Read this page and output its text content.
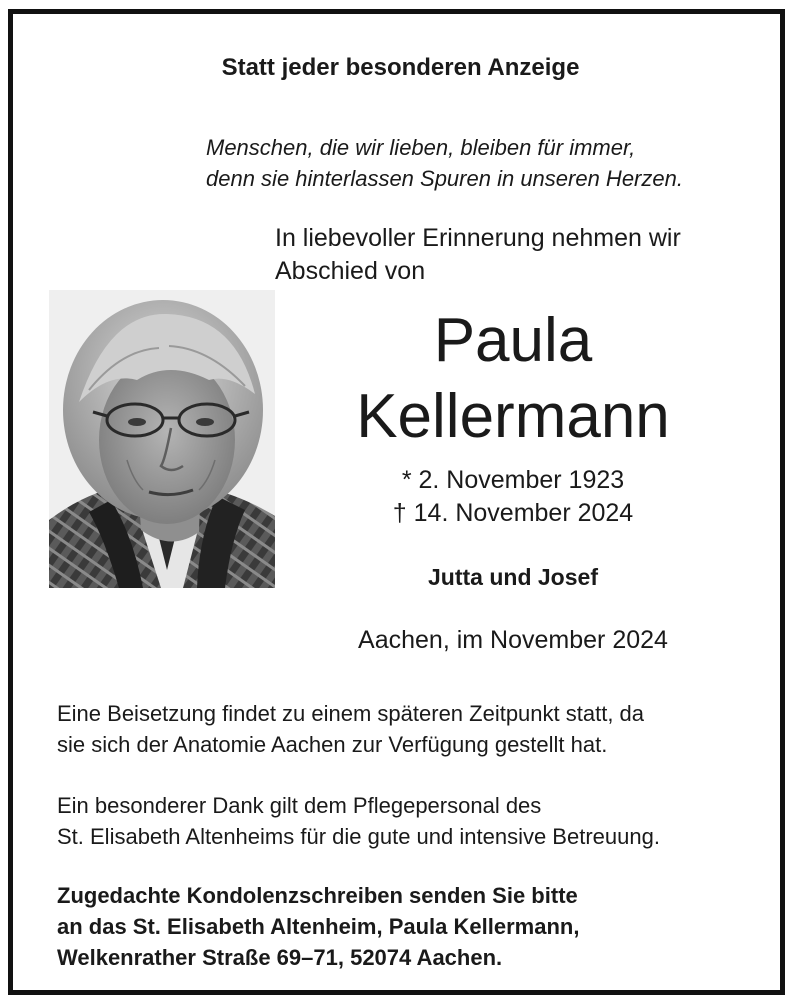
Statt jeder besonderen Anzeige
Menschen, die wir lieben, bleiben für immer,
denn sie hinterlassen Spuren in unseren Herzen.
In liebevoller Erinnerung nehmen wir
Abschied von
Paula
Kellermann
* 2. November 1923
† 14. November 2024
Jutta und Josef
Aachen, im November 2024
Eine Beisetzung findet zu einem späteren Zeitpunkt statt, da
sie sich der Anatomie Aachen zur Verfügung gestellt hat.
Ein besonderer Dank gilt dem Pflegepersonal des
St. Elisabeth Altenheims für die gute und intensive Betreuung.
Zugedachte Kondolenzschreiben senden Sie bitte
an das St. Elisabeth Altenheim, Paula Kellermann,
Welkenrather Straße 69–71, 52074 Aachen.
